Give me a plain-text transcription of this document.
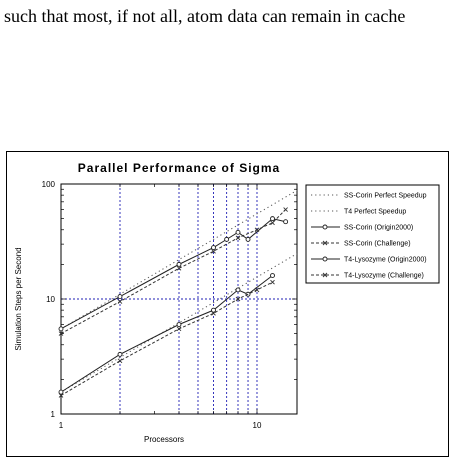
such that most, if not all, atom data can remain in cache
Parallel Performance of Sigma
Processors
Simulation Steps per Second
1	10
1
10
100
SS-Corin Perfect Speedup
T4 Perfect Speedup
SS-Corin (Origin2000)
SS-Corin (Challenge)
T4-Lysozyme (Origin2000)
T4-Lysozyme (Challenge)
